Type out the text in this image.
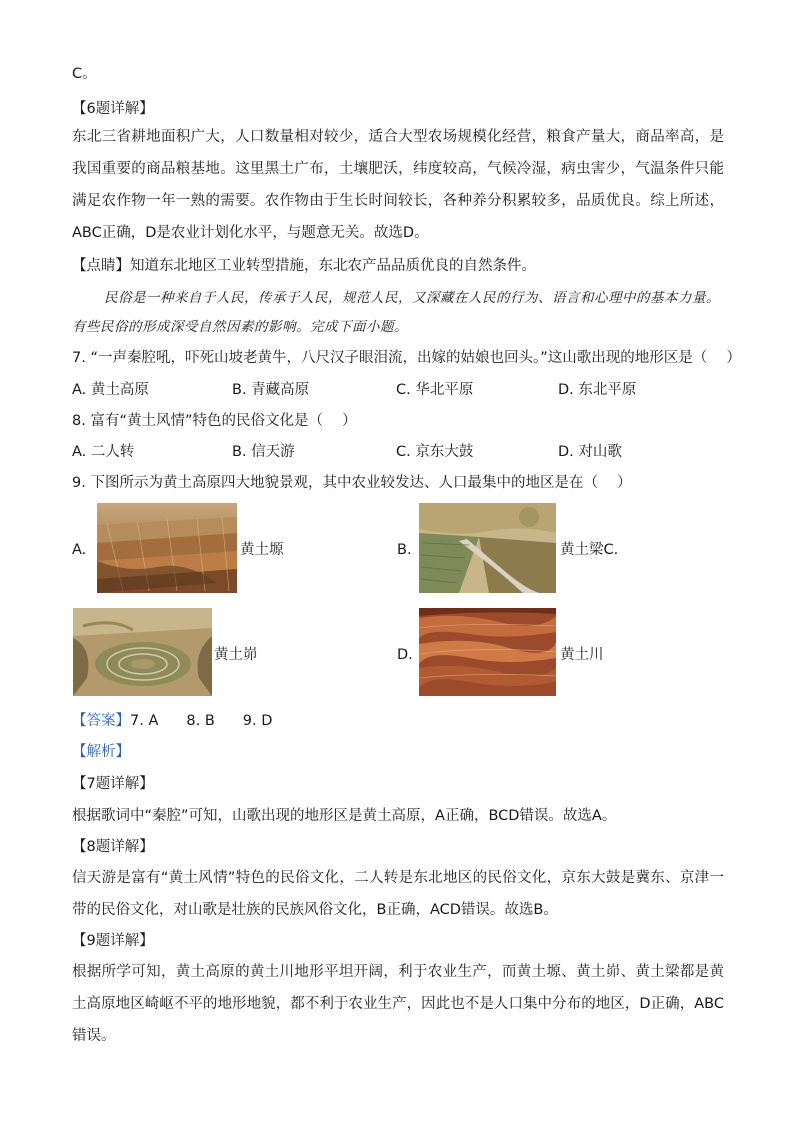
C。
【6题详解】
东北三省耕地面积广大，人口数量相对较少，适合大型农场规模化经营，粮食产量大，商品率高，是我国重要的商品粮基地。这里黑土广布，土壤肥沃，纬度较高，气候冷湿，病虫害少，气温条件只能满足农作物一年一熟的需要。农作物由于生长时间较长，各种养分积累较多，品质优良。综上所述，ABC正确，D是农业计划化水平，与题意无关。故选D。
【点睛】知道东北地区工业转型措施，东北农产品品质优良的自然条件。
民俗是一种来自于人民，传承于人民，规范人民，又深藏在人民的行为、语言和心理中的基本力量。
有些民俗的形成深受自然因素的影响。完成下面小题。
7. “一声秦腔吼，吓死山坡老黄牛，八尺汉子眼泪流，出嫁的姑娘也回头。”这山歌出现的地形区是（　 ）
A. 黄土高原	B. 青藏高原	C. 华北平原	D. 东北平原
8. 富有“黄土风情”特色的民俗文化是（　 ）
A. 二人转	B. 信天游	C. 京东大鼓	D. 对山歌
9. 下图所示为黄土高原四大地貌景观，其中农业较发达、人口最集中的地区是在（　 ）
A.	黄土塬	B.	黄土梁C.
黄土峁	D.	黄土川
【答案】7. A 8. B 9. D
【解析】
【7题详解】
根据歌词中“秦腔”可知，山歌出现的地形区是黄土高原，A正确，BCD错误。故选A。
【8题详解】
信天游是富有“黄土风情”特色的民俗文化，二人转是东北地区的民俗文化，京东大鼓是冀东、京津一带的民俗文化，对山歌是壮族的民族风俗文化，B正确，ACD错误。故选B。
【9题详解】
根据所学可知，黄土高原的黄土川地形平坦开阔，利于农业生产，而黄土塬、黄土峁、黄土梁都是黄土高原地区崎岖不平的地形地貌，都不利于农业生产，因此也不是人口集中分布的地区，D正确，ABC错误。
